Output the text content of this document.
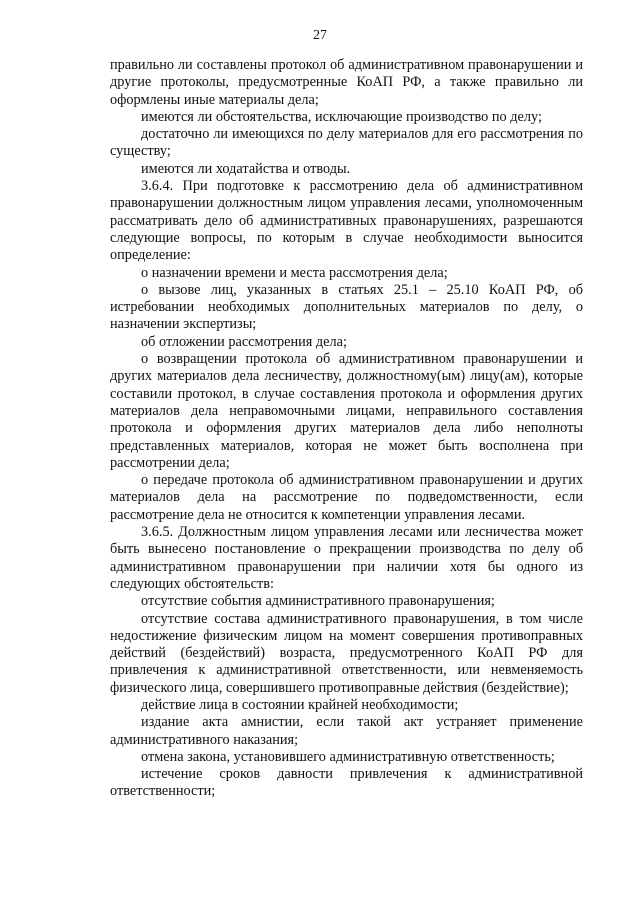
27

правильно ли составлены протокол об административном правонарушении и другие протоколы, предусмотренные КоАП РФ, а также правильно ли оформлены иные материалы дела;

имеются ли обстоятельства, исключающие производство по делу;

достаточно ли имеющихся по делу материалов для его рассмотрения по существу;

имеются ли ходатайства и отводы.

3.6.4. При подготовке к рассмотрению дела об административном правонарушении должностным лицом управления лесами, уполномоченным рассматривать дело об административных правонарушениях, разрешаются следующие вопросы, по которым в случае необходимости выносится определение:

о назначении времени и места рассмотрения дела;

о вызове лиц, указанных в статьях 25.1 – 25.10 КоАП РФ, об истребовании необходимых дополнительных материалов по делу, о назначении экспертизы;

об отложении рассмотрения дела;

о возвращении протокола об административном правонарушении и других материалов дела лесничеству, должностному(ым) лицу(ам), которые составили протокол, в случае составления протокола и оформления других материалов дела неправомочными лицами, неправильного составления протокола и оформления других материалов дела либо неполноты представленных материалов, которая не может быть восполнена при рассмотрении дела;

о передаче протокола об административном правонарушении и других материалов дела на рассмотрение по подведомственности, если рассмотрение дела не относится к компетенции управления лесами.

3.6.5. Должностным лицом управления лесами или лесничества может быть вынесено постановление о прекращении производства по делу об административном правонарушении при наличии хотя бы одного из следующих обстоятельств:

отсутствие события административного правонарушения;

отсутствие состава административного правонарушения, в том числе недостижение физическим лицом на момент совершения противоправных действий (бездействий) возраста, предусмотренного КоАП РФ для привлечения к административной ответственности, или невменяемость физического лица, совершившего противоправные действия (бездействие);

действие лица в состоянии крайней необходимости;

издание акта амнистии, если такой акт устраняет применение административного наказания;

отмена закона, установившего административную ответственность;

истечение сроков давности привлечения к административной ответственности;
